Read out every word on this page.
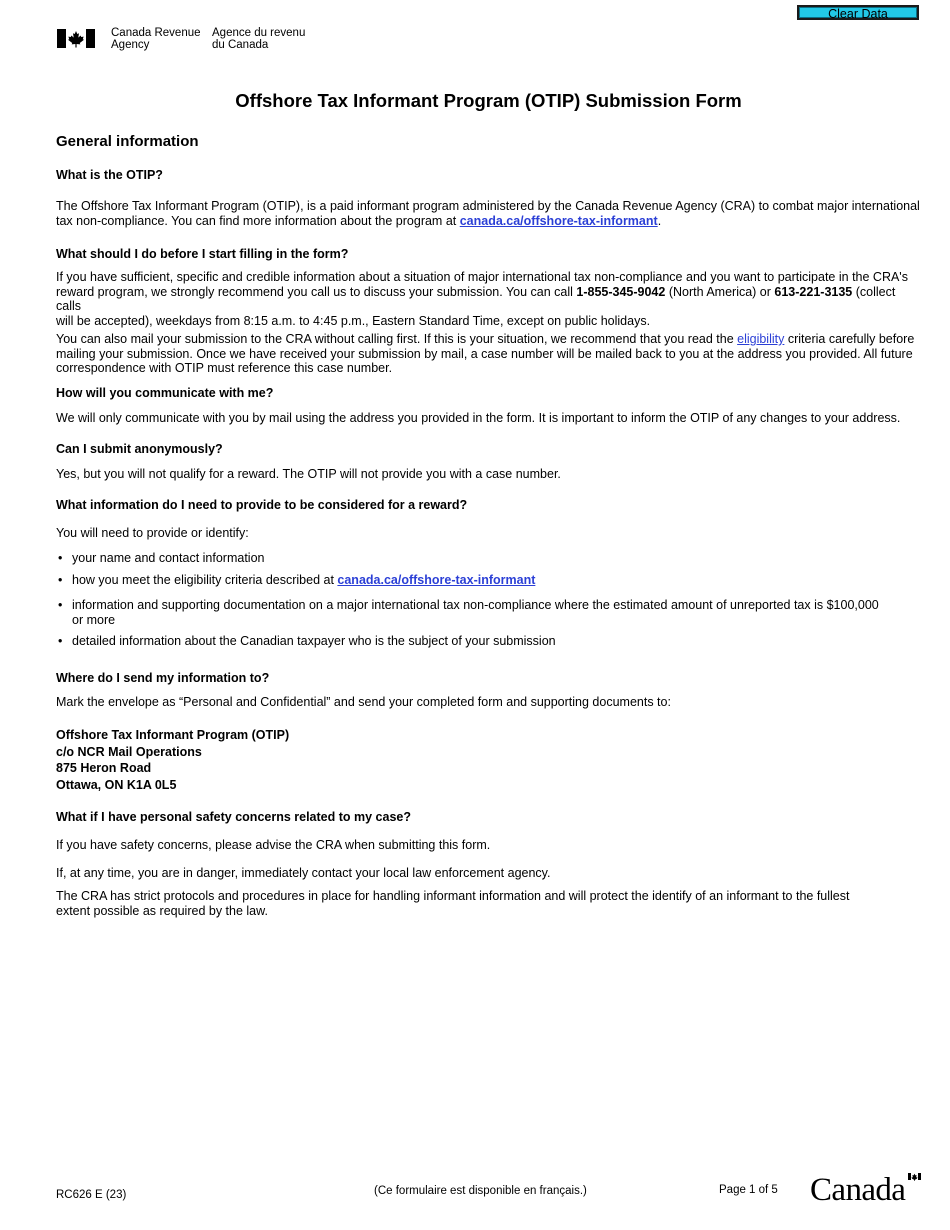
Clear Data
Canada Revenue
Agency
Agence du revenu
du Canada
Offshore Tax Informant Program (OTIP) Submission Form
General information
What is the OTIP?
The Offshore Tax Informant Program (OTIP), is a paid informant program administered by the Canada Revenue Agency (CRA) to combat major international
tax non-compliance. You can find more information about the program at canada.ca/offshore-tax-informant.
What should I do before I start filling in the form?
If you have sufficient, specific and credible information about a situation of major international tax non-compliance and you want to participate in the CRA's
reward program, we strongly recommend you call us to discuss your submission. You can call 1-855-345-9042 (North America) or 613-221-3135 (collect calls
will be accepted), weekdays from 8:15 a.m. to 4:45 p.m., Eastern Standard Time, except on public holidays.
You can also mail your submission to the CRA without calling first. If this is your situation, we recommend that you read the eligibility criteria carefully before
mailing your submission. Once we have received your submission by mail, a case number will be mailed back to you at the address you provided. All future
correspondence with OTIP must reference this case number.
How will you communicate with me?
We will only communicate with you by mail using the address you provided in the form. It is important to inform the OTIP of any changes to your address.
Can I submit anonymously?
Yes, but you will not qualify for a reward. The OTIP will not provide you with a case number.
What information do I need to provide to be considered for a reward?
You will need to provide or identify:
• your name and contact information
• how you meet the eligibility criteria described at canada.ca/offshore-tax-informant
• information and supporting documentation on a major international tax non-compliance where the estimated amount of unreported tax is $100,000
or more
• detailed information about the Canadian taxpayer who is the subject of your submission
Where do I send my information to?
Mark the envelope as “Personal and Confidential” and send your completed form and supporting documents to:
Offshore Tax Informant Program (OTIP)
c/o NCR Mail Operations
875 Heron Road
Ottawa, ON K1A 0L5
What if I have personal safety concerns related to my case?
If you have safety concerns, please advise the CRA when submitting this form.
If, at any time, you are in danger, immediately contact your local law enforcement agency.
The CRA has strict protocols and procedures in place for handling informant information and will protect the identify of an informant to the fullest
extent possible as required by the law.
RC626 E (23)	(Ce formulaire est disponible en français.)	Page 1 of 5 Canada
